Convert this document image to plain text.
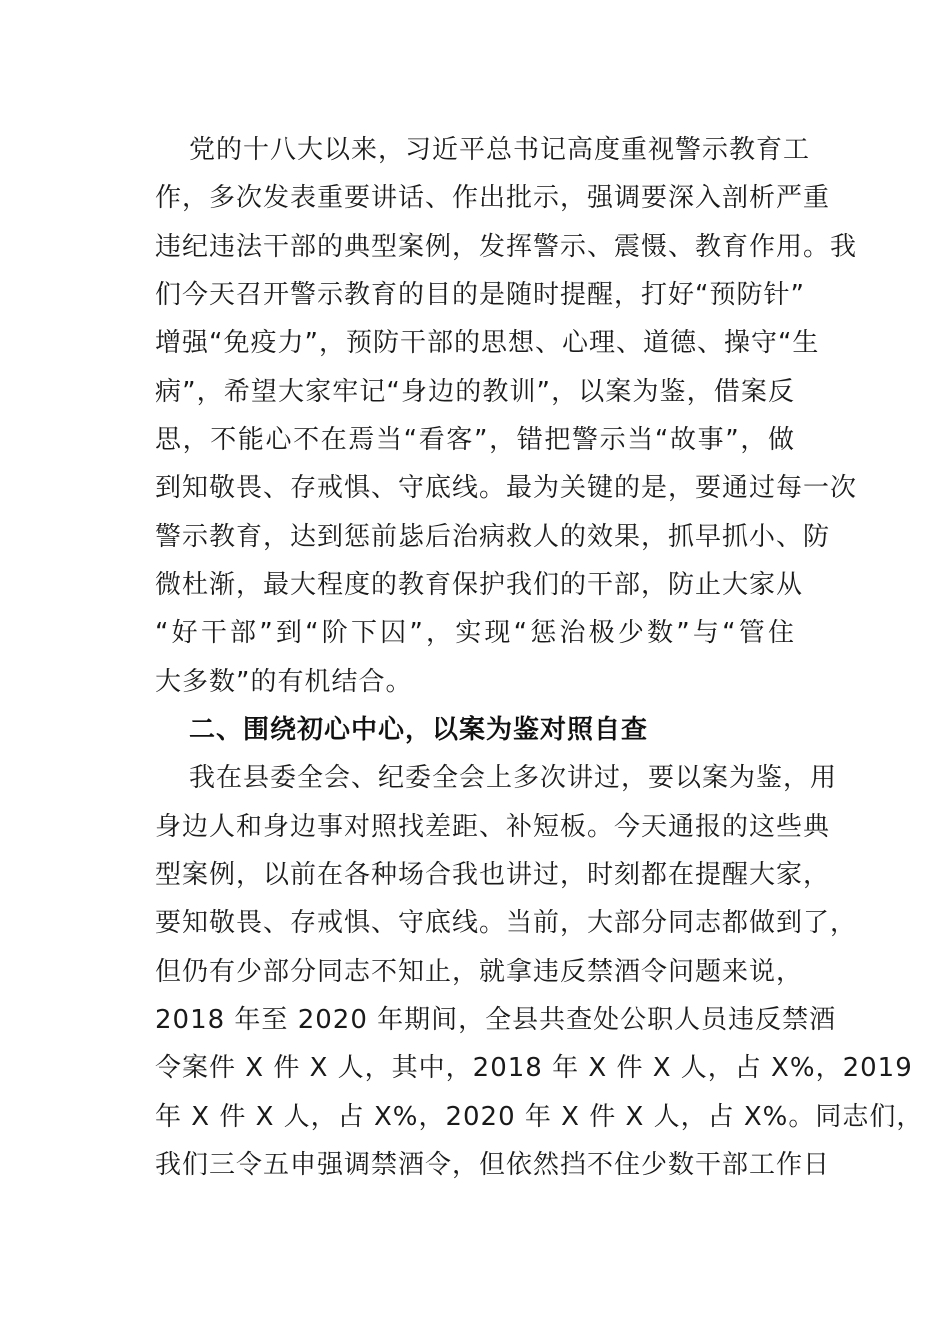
党的十八大以来，习近平总书记高度重视警示教育工
作，多次发表重要讲话、作出批示，强调要深入剖析严重
违纪违法干部的典型案例，发挥警示、震慑、教育作用。我
们今天召开警示教育的目的是随时提醒，打好“预防针”
增强“免疫力”，预防干部的思想、心理、道德、操守“生
病”，希望大家牢记“身边的教训”，以案为鉴，借案反
思，不能心不在焉当“看客”，错把警示当“故事”，做
到知敬畏、存戒惧、守底线。最为关键的是，要通过每一次
警示教育，达到惩前毖后治病救人的效果，抓早抓小、防
微杜渐，最大程度的教育保护我们的干部，防止大家从
“好干部”到“阶下囚”，实现“惩治极少数”与“管住
大多数”的有机结合。
二、围绕初心中心，以案为鉴对照自查
我在县委全会、纪委全会上多次讲过，要以案为鉴，用
身边人和身边事对照找差距、补短板。今天通报的这些典
型案例，以前在各种场合我也讲过，时刻都在提醒大家，
要知敬畏、存戒惧、守底线。当前，大部分同志都做到了，
但仍有少部分同志不知止，就拿违反禁酒令问题来说，
2018 年至 2020 年期间，全县共查处公职人员违反禁酒
令案件 X 件 X 人，其中，2018 年 X 件 X 人，占 X%，2019
年 X 件 X 人，占 X%，2020 年 X 件 X 人，占 X%。同志们，
我们三令五申强调禁酒令，但依然挡不住少数干部工作日
